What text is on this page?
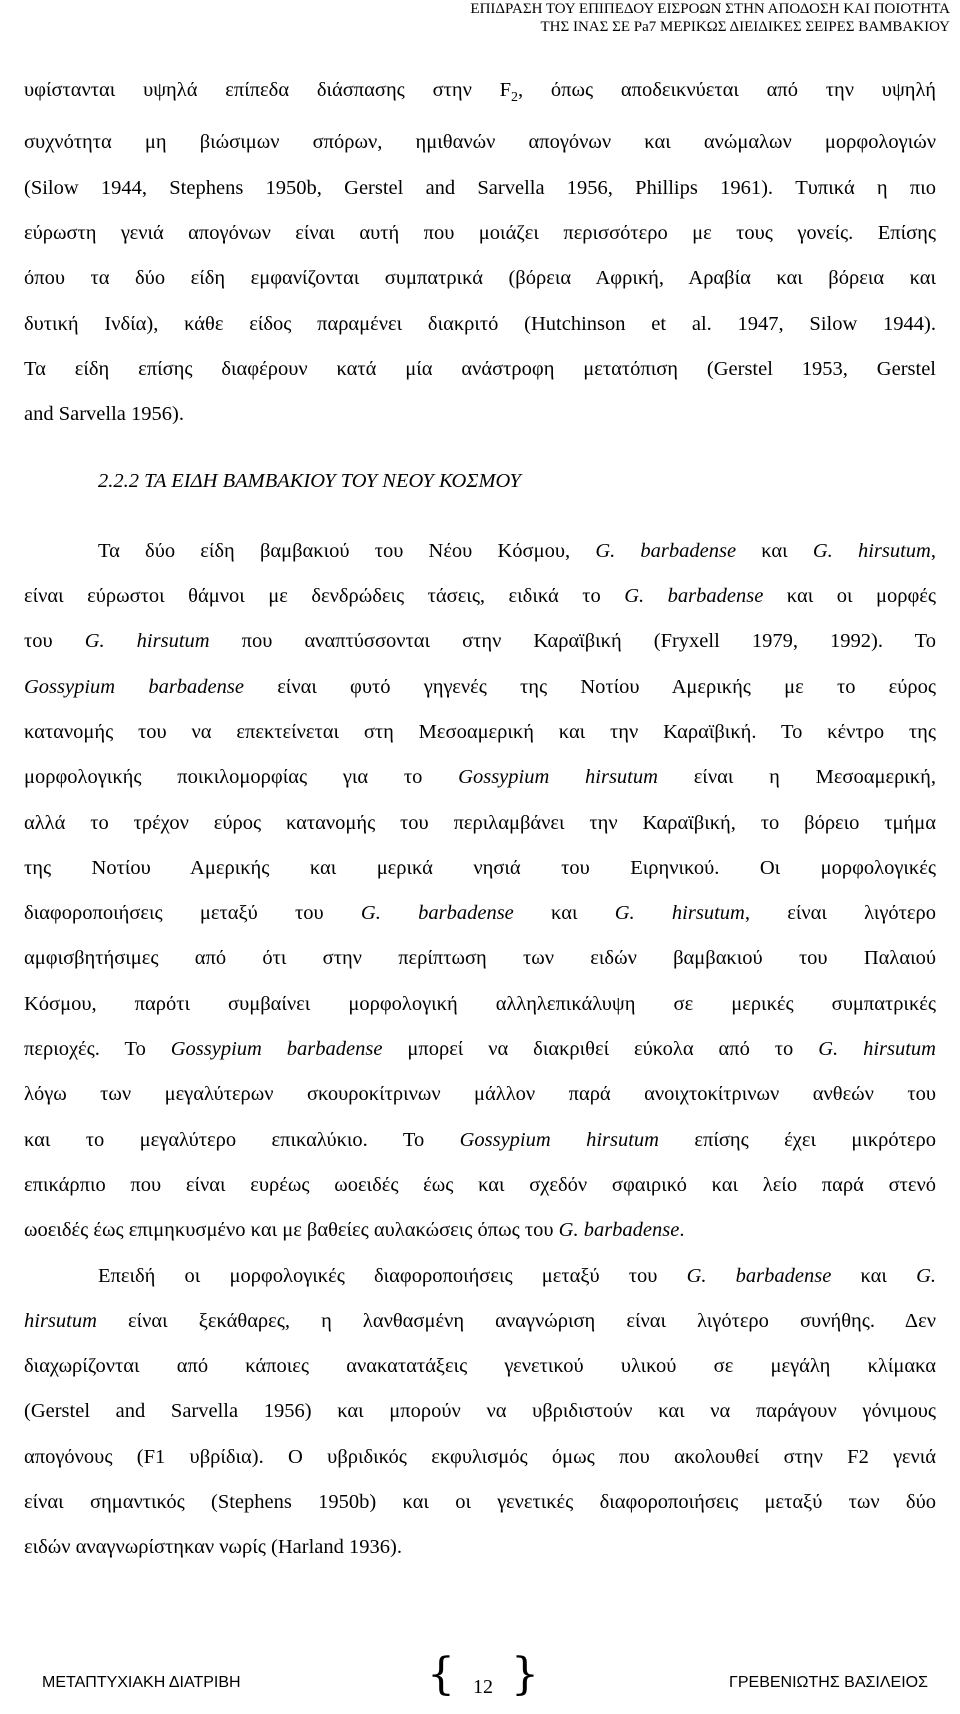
ΕΠΙΔΡΑΣΗ ΤΟΥ ΕΠΙΠΕΔΟΥ ΕΙΣΡΟΩΝ ΣΤΗΝ ΑΠΟΔΟΣΗ ΚΑΙ ΠΟΙΟΤΗΤΑ
ΤΗΣ ΙΝΑΣ ΣΕ Pa7 ΜΕΡΙΚΩΣ ΔΙΕΙΔΙΚΕΣ ΣΕΙΡΕΣ ΒΑΜΒΑΚΙΟΥ
υφίστανται υψηλά επίπεδα διάσπασης στην $F_2$, όπως αποδεικνύεται από την υψηλή
συχνότητα μη βιώσιμων σπόρων, ημιθανών απογόνων και ανώμαλων μορφολογιών
(Silow 1944, Stephens 1950b, Gerstel and Sarvella 1956, Phillips 1961). Τυπικά η πιο
εύρωστη γενιά απογόνων είναι αυτή που μοιάζει περισσότερο με τους γονείς. Επίσης
όπου τα δύο είδη εμφανίζονται συμπατρικά (βόρεια Αφρική, Αραβία και βόρεια και
δυτική Ινδία), κάθε είδος παραμένει διακριτό (Hutchinson et al. 1947, Silow 1944).
Τα είδη επίσης διαφέρουν κατά μία ανάστροφη μετατόπιση (Gerstel 1953, Gerstel
and Sarvella 1956).
2.2.2 ΤΑ ΕΙΔΗ ΒΑΜΒΑΚΙΟΥ ΤΟΥ ΝΕΟΥ ΚΟΣΜΟΥ
Τα δύο είδη βαμβακιού του Νέου Κόσμου, G. barbadense και G. hirsutum,
είναι εύρωστοι θάμνοι με δενδρώδεις τάσεις, ειδικά το G. barbadense και οι μορφές
του G. hirsutum που αναπτύσσονται στην Καραϊβική (Fryxell 1979, 1992). Το
Gossypium barbadense είναι φυτό γηγενές της Νοτίου Αμερικής με το εύρος
κατανομής του να επεκτείνεται στη Μεσοαμερική και την Καραϊβική. Το κέντρο της
μορφολογικής ποικιλομορφίας για το Gossypium hirsutum είναι η Μεσοαμερική,
αλλά το τρέχον εύρος κατανομής του περιλαμβάνει την Καραϊβική, το βόρειο τμήμα
της Νοτίου Αμερικής και μερικά νησιά του Ειρηνικού. Οι μορφολογικές
διαφοροποιήσεις μεταξύ του G. barbadense και G. hirsutum, είναι λιγότερο
αμφισβητήσιμες από ότι στην περίπτωση των ειδών βαμβακιού του Παλαιού
Κόσμου, παρότι συμβαίνει μορφολογική αλληλεπικάλυψη σε μερικές συμπατρικές
περιοχές. Το Gossypium barbadense μπορεί να διακριθεί εύκολα από το G. hirsutum
λόγω των μεγαλύτερων σκουροκίτρινων μάλλον παρά ανοιχτοκίτρινων ανθεών του
και το μεγαλύτερο επικαλύκιο. Το Gossypium hirsutum επίσης έχει μικρότερο
επικάρπιο που είναι ευρέως ωοειδές έως και σχεδόν σφαιρικό και λείο παρά στενό
ωοειδές έως επιμηκυσμένο και με βαθείες αυλακώσεις όπως του G. barbadense.
Επειδή οι μορφολογικές διαφοροποιήσεις μεταξύ του G. barbadense και G.
hirsutum είναι ξεκάθαρες, η λανθασμένη αναγνώριση είναι λιγότερο συνήθης. Δεν
διαχωρίζονται από κάποιες ανακατατάξεις γενετικού υλικού σε μεγάλη κλίμακα
(Gerstel and Sarvella 1956) και μπορούν να υβριδιστούν και να παράγουν γόνιμους
απογόνους (F1 υβρίδια). Ο υβριδικός εκφυλισμός όμως που ακολουθεί στην F2 γενιά
είναι σημαντικός (Stephens 1950b) και οι γενετικές διαφοροποιήσεις μεταξύ των δύο
ειδών αναγνωρίστηκαν νωρίς (Harland 1936).
ΜΕΤΑΠΤΥΧΙΑΚΗ ΔΙΑΤΡΙΒΗ	{ 12 }	ΓΡΕΒΕΝΙΩΤΗΣ ΒΑΣΙΛΕΙΟΣ
